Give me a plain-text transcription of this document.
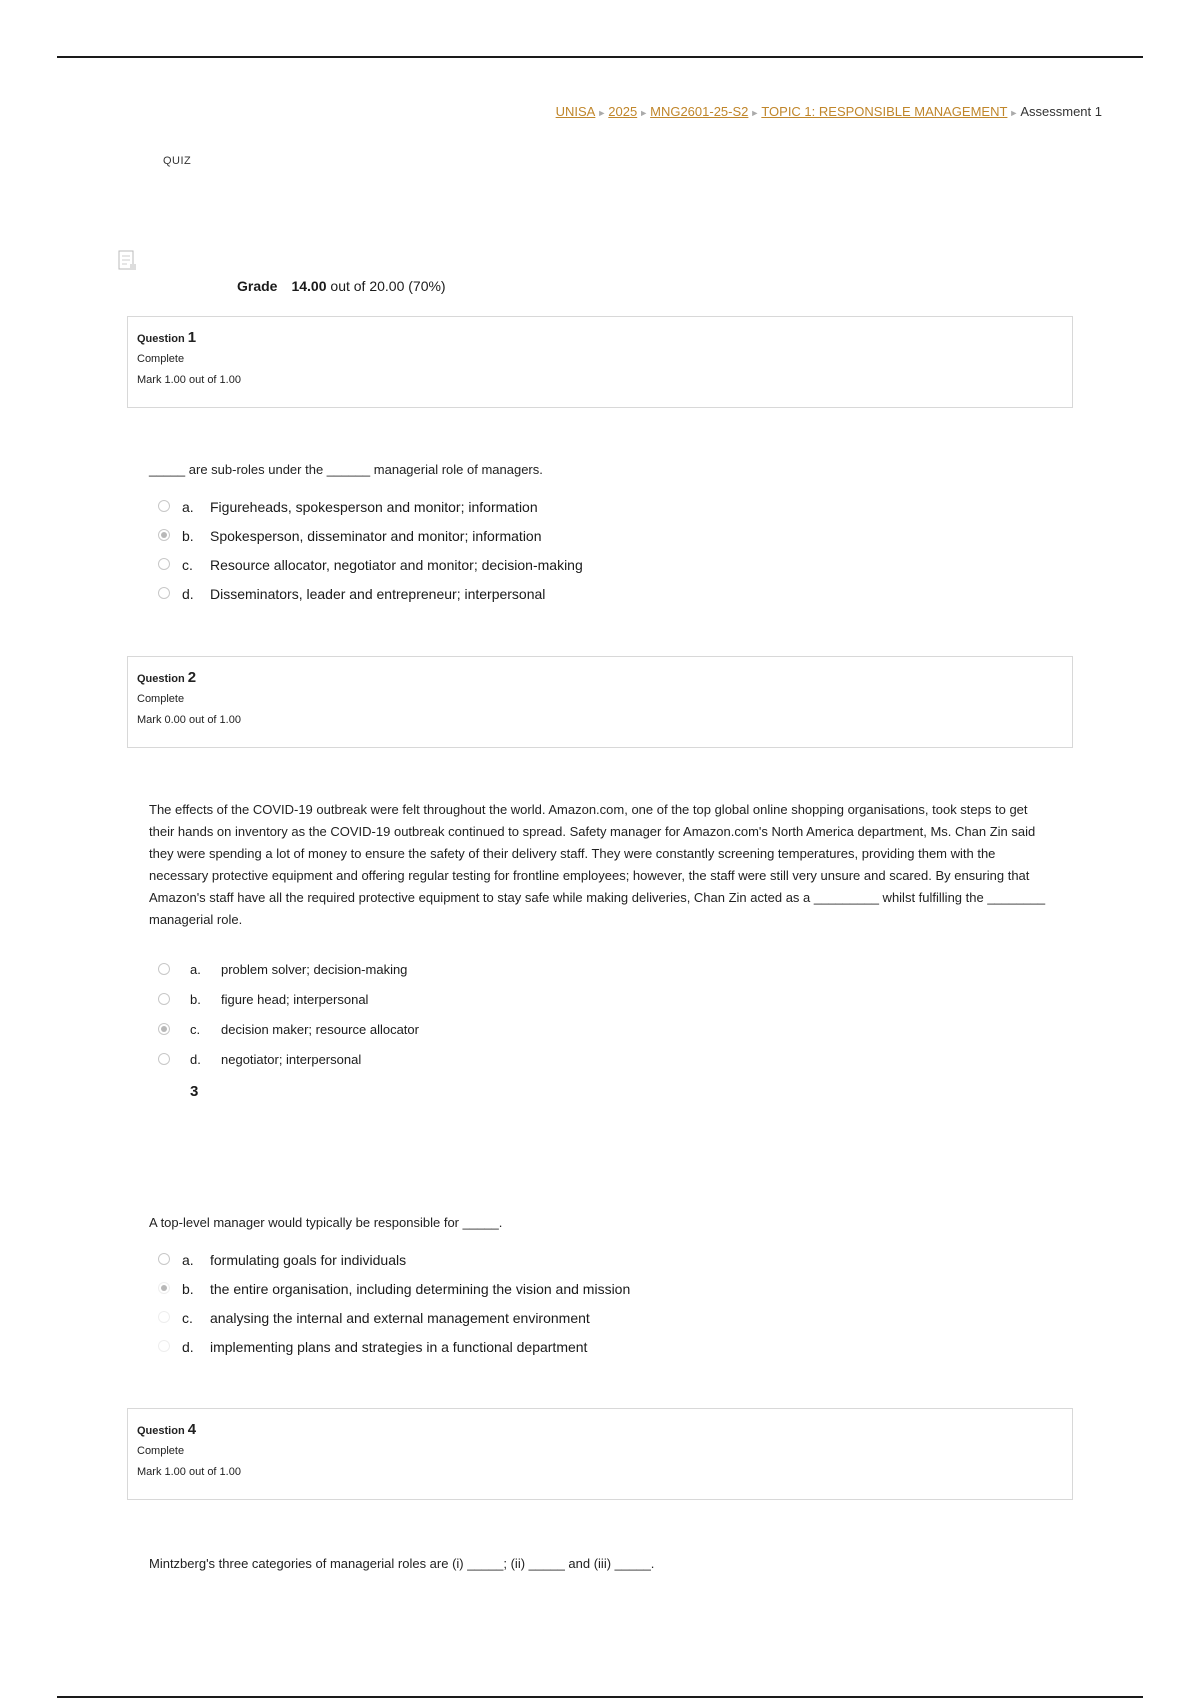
UNISA ► 2025 ► MNG2601-25-S2 ► TOPIC 1: RESPONSIBLE MANAGEMENT ► Assessment 1
QUIZ
Grade 14.00 out of 20.00 (70%)
Question 1
Complete
Mark 1.00 out of 1.00
_____ are sub-roles under the ______ managerial role of managers.
a. Figureheads, spokesperson and monitor; information
b. Spokesperson, disseminator and monitor; information
c. Resource allocator, negotiator and monitor; decision-making
d. Disseminators, leader and entrepreneur; interpersonal
Question 2
Complete
Mark 0.00 out of 1.00
The effects of the COVID-19 outbreak were felt throughout the world. Amazon.com, one of the top global online shopping organisations, took steps to get their hands on inventory as the COVID-19 outbreak continued to spread. Safety manager for Amazon.com's North America department, Ms. Chan Zin said they were spending a lot of money to ensure the safety of their delivery staff. They were constantly screening temperatures, providing them with the necessary protective equipment and offering regular testing for frontline employees; however, the staff were still very unsure and scared. By ensuring that Amazon's staff have all the required protective equipment to stay safe while making deliveries, Chan Zin acted as a _________ whilst fulfilling the ________ managerial role.
a. problem solver; decision-making
b. figure head; interpersonal
c. decision maker; resource allocator
d. negotiator; interpersonal
3
A top-level manager would typically be responsible for _____.
a. formulating goals for individuals
b. the entire organisation, including determining the vision and mission
c. analysing the internal and external management environment
d. implementing plans and strategies in a functional department
Question 4
Complete
Mark 1.00 out of 1.00
Mintzberg's three categories of managerial roles are (i) _____; (ii) _____ and (iii) _____.
